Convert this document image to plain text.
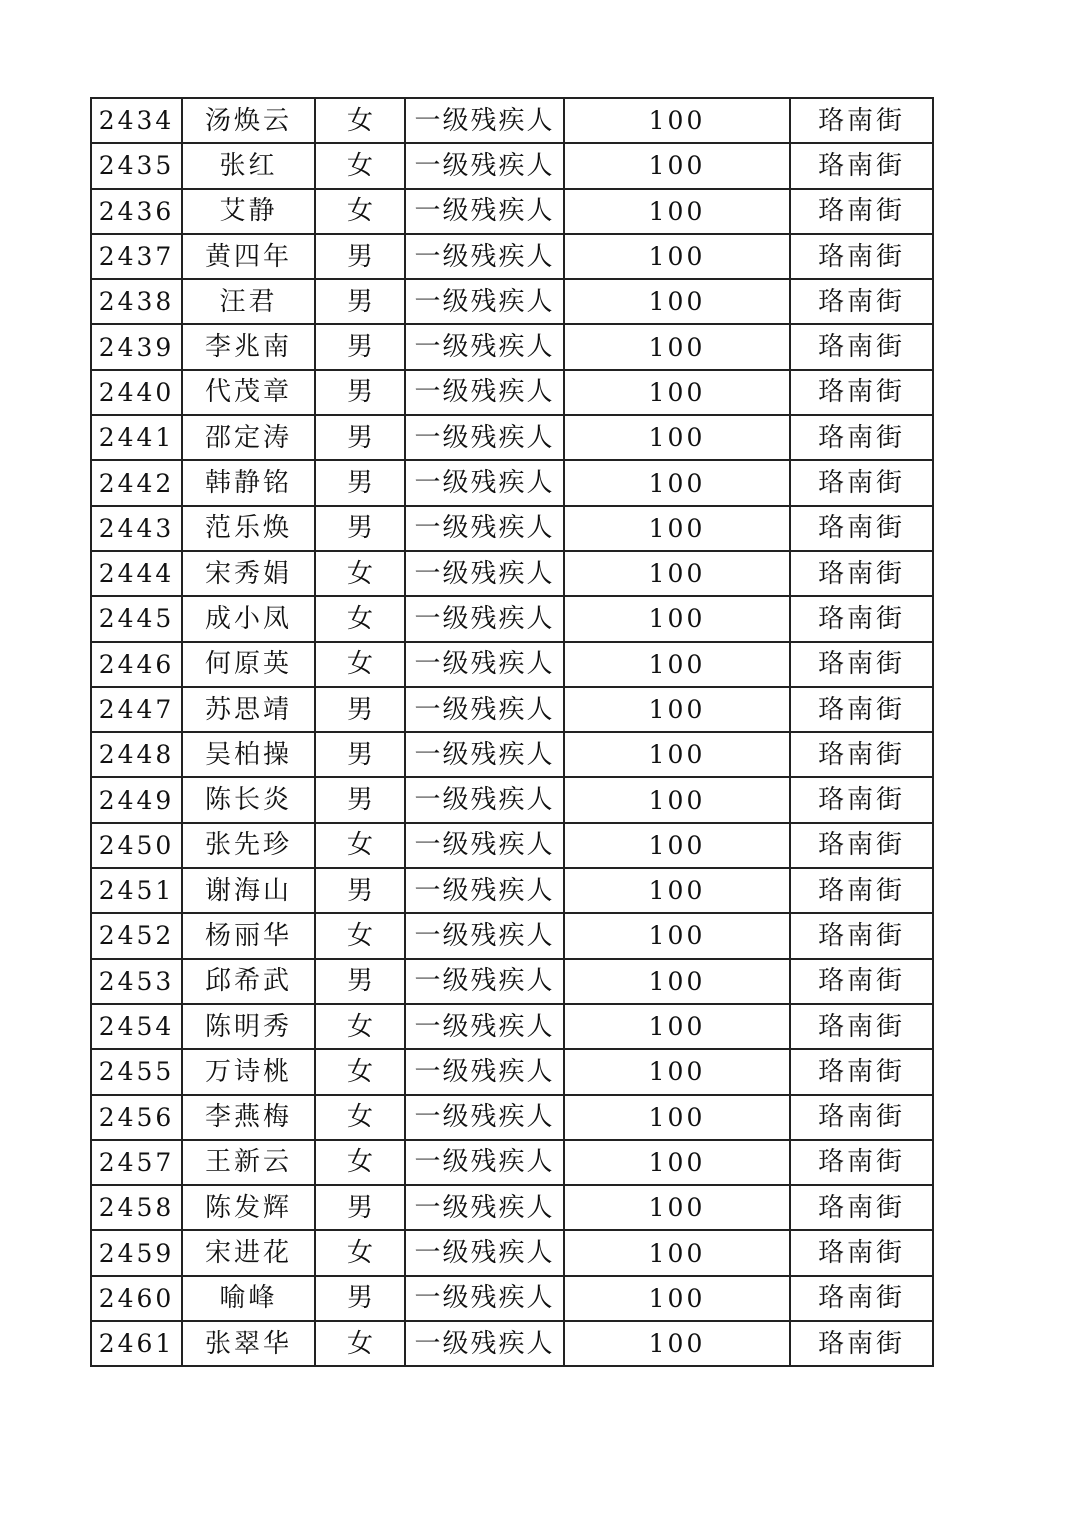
2434	汤焕云	女	一级残疾人	100	珞南街
2435	张红	女	一级残疾人	100	珞南街
2436	艾静	女	一级残疾人	100	珞南街
2437	黄四年	男	一级残疾人	100	珞南街
2438	汪君	男	一级残疾人	100	珞南街
2439	李兆南	男	一级残疾人	100	珞南街
2440	代茂章	男	一级残疾人	100	珞南街
2441	邵定涛	男	一级残疾人	100	珞南街
2442	韩静铭	男	一级残疾人	100	珞南街
2443	范乐焕	男	一级残疾人	100	珞南街
2444	宋秀娟	女	一级残疾人	100	珞南街
2445	成小凤	女	一级残疾人	100	珞南街
2446	何原英	女	一级残疾人	100	珞南街
2447	苏思靖	男	一级残疾人	100	珞南街
2448	吴柏操	男	一级残疾人	100	珞南街
2449	陈长炎	男	一级残疾人	100	珞南街
2450	张先珍	女	一级残疾人	100	珞南街
2451	谢海山	男	一级残疾人	100	珞南街
2452	杨丽华	女	一级残疾人	100	珞南街
2453	邱希武	男	一级残疾人	100	珞南街
2454	陈明秀	女	一级残疾人	100	珞南街
2455	万诗桃	女	一级残疾人	100	珞南街
2456	李燕梅	女	一级残疾人	100	珞南街
2457	王新云	女	一级残疾人	100	珞南街
2458	陈发辉	男	一级残疾人	100	珞南街
2459	宋进花	女	一级残疾人	100	珞南街
2460	喻峰	男	一级残疾人	100	珞南街
2461	张翠华	女	一级残疾人	100	珞南街
